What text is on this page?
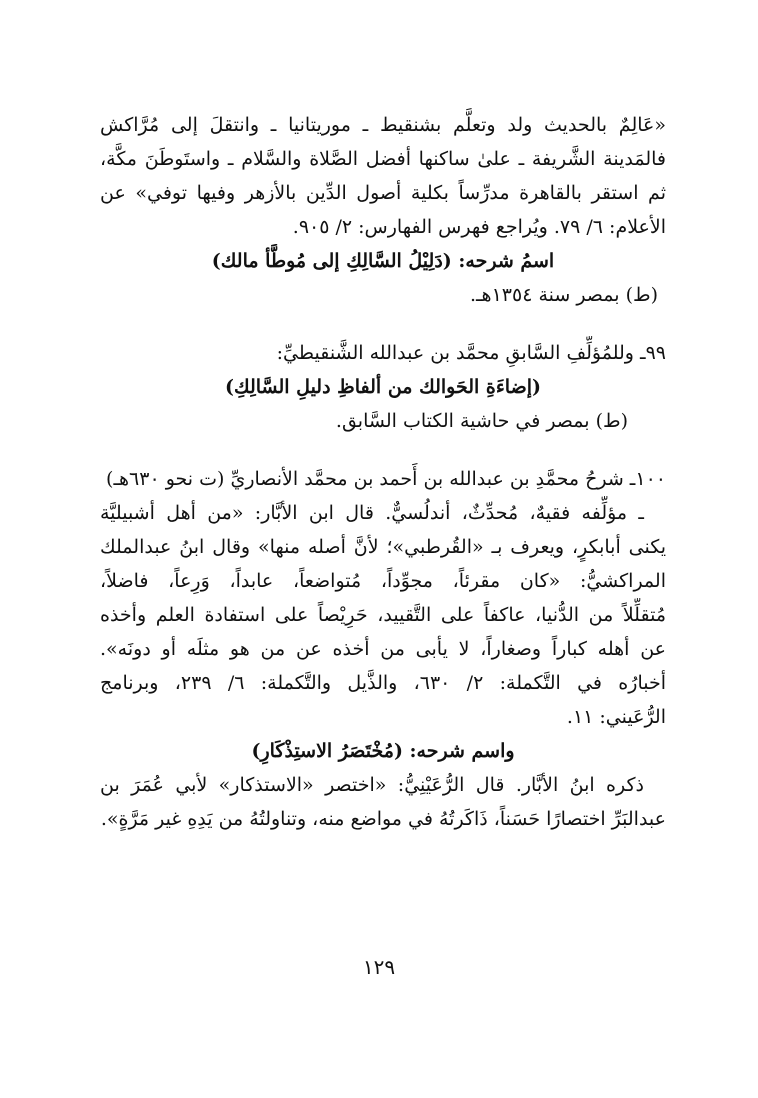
«عَالِمٌ بالحديث ولد وتعلَّم بشنقيط ـ موريتانيا ـ وانتقلَ إلى مُرَّاكش
فالمَدينة الشَّريفة ـ علىٰ ساكنها أفضل الصَّلاة والسَّلام ـ واستَوطَنَ مكَّة،
ثم استقر بالقاهرة مدرِّساً بكلية أصول الدِّين بالأزهر وفيها توفي» عن
الأعلام: ٦/ ٧٩. ويُراجع فهرس الفهارس: ٢/ ٩٠٥.
اسمُ شرحه: (دَلِيْلُ السَّالِكِ إلى مُوطَّأ مالك)
(ط) بمصر سنة ١٣٥٤هـ.
٩٩ـ وللمُؤلِّفِ السَّابقِ محمَّد بن عبدالله الشَّنقيطيِّ:
(إضاءَةِ الحَوالك من ألفاظِ دليلِ السَّالِكِ)
(ط) بمصر في حاشية الكتاب السَّابق.
١٠٠ـ شرحُ محمَّدِ بن عبدالله بن أَحمد بن محمَّد الأنصاريِّ (ت نحو ٦٣٠هـ)
ـ مؤلِّفه فقيهٌ، مُحدِّثٌ، أندلُسيٌّ. قال ابن الأبَّار: «من أهل أشبيليَّة
يكنى أبابكرٍ، ويعرف بـ «القُرطبي»؛ لأنَّ أصله منها» وقال ابنُ عبدالملك
المراكشيُّ: «كان مقرئاً، مجوِّداً، مُتواضعاً، عابداً، وَرِعاً، فاضلاً،
مُتقلِّلاً من الدُّنيا، عاكفاً على التَّقييد، حَرِيْصاً على استفادة العلم وأخذه
عن أهله كباراً وصغاراً، لا يأبى من أخذه عن من هو مثلَه أو دونَه».
أخبارُه في التَّكملة: ٢/ ٦٣٠، والذَّيل والتَّكملة: ٦/ ٢٣٩، وبرنامج
الرُّعَيني: ١١.
واسم شرحه: (مُخْتَصَرُ الاستِذْكَارِ)
ذكره ابنُ الأبَّار. قال الرُّعَيْنِيُّ: «اختصر «الاستذكار» لأبي عُمَرَ بن
عبدالبَرِّ اختصارًا حَسَناً، ذَاكَرتُهُ في مواضع منه، وتناولتُهُ من يَدِهِ غير مَرَّةٍ».
١٢٩
